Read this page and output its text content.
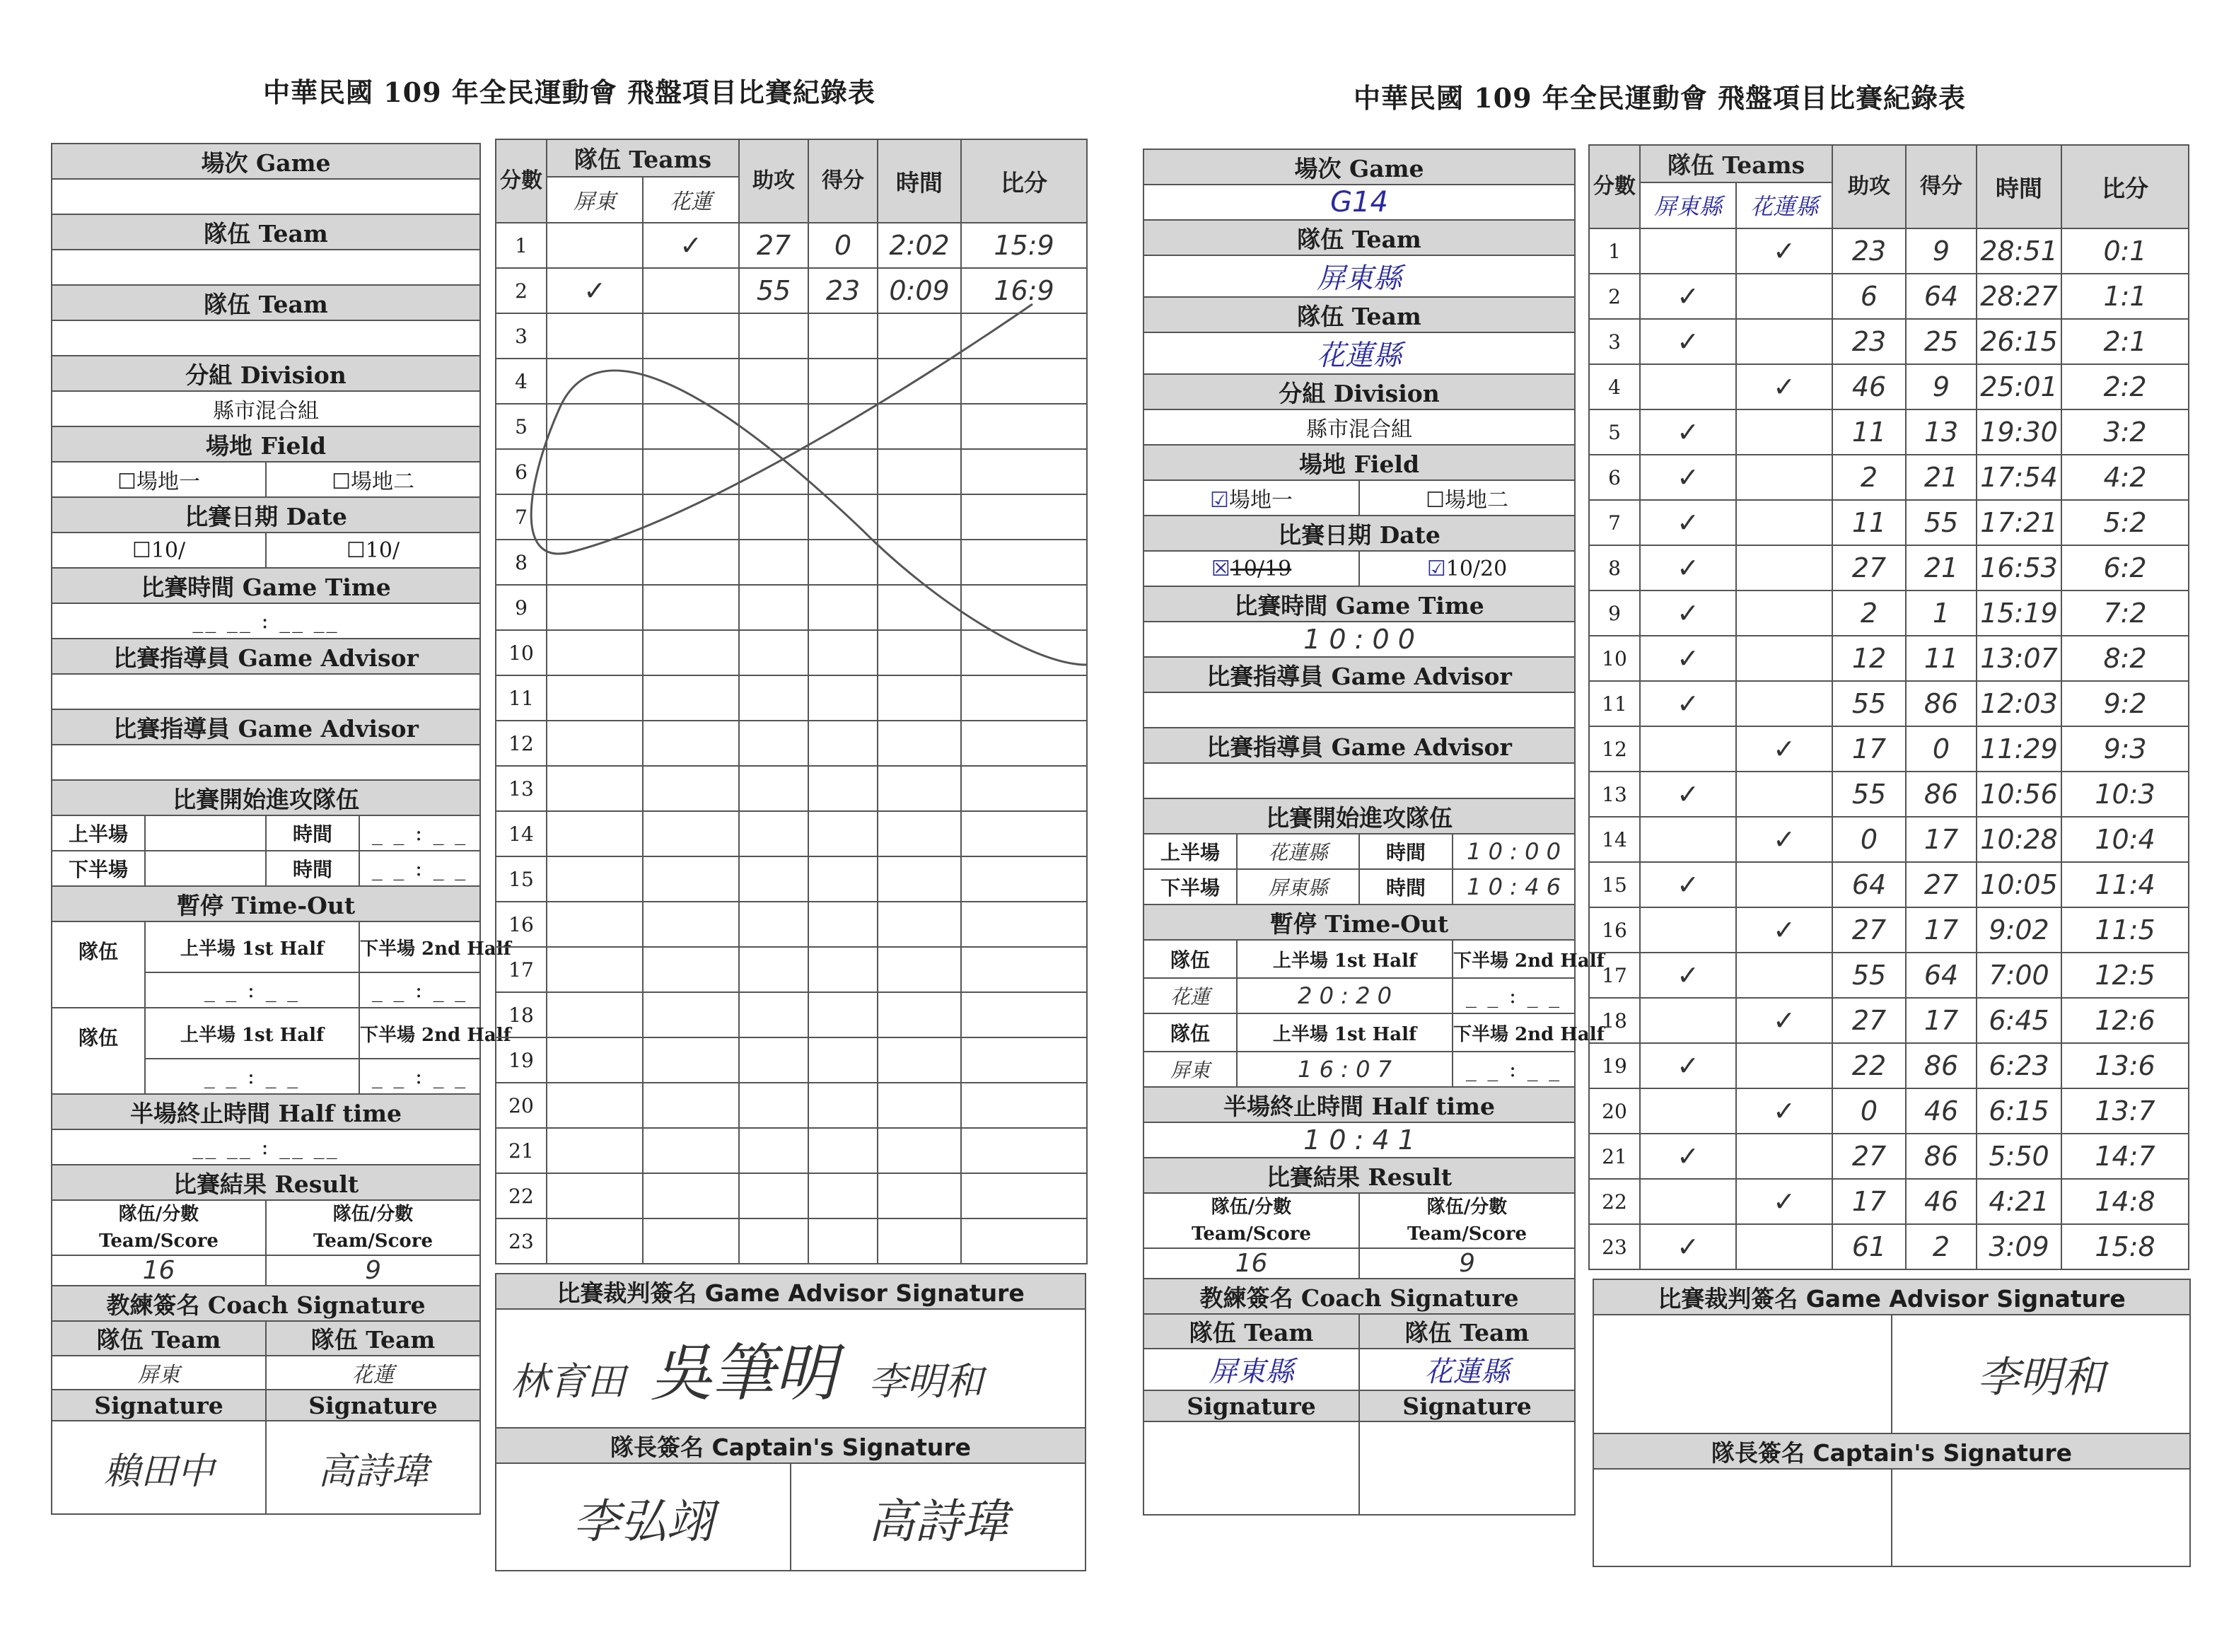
中華民國 109 年全民運動會 飛盤項目比賽紀錄表
場次 Game			

隊伍 Team			

隊伍 Team			

分組 Division			
縣市混合組			
場地 Field			
☐場地一		☐場地二	
比賽日期 Date			
☐10/		☐10/	
比賽時間 Game Time			
__ __ : __ __			
比賽指導員 Game Advisor			

比賽指導員 Game Advisor			

比賽開始進攻隊伍			
上半場		時間	_ _ : _ _
下半場		時間	_ _ : _ _
暫停 Time-Out			
隊伍	上半場 1st Half		下半場 2nd Half
	_ _ : _ _		_ _ : _ _
隊伍	上半場 1st Half		下半場 2nd Half
	_ _ : _ _		_ _ : _ _
半場終止時間 Half time			
__ __ : __ __			
比賽結果 Result			
隊伍/分數
Team/Score		隊伍/分數
Team/Score	
16		9	
教練簽名 Coach Signature			
隊伍 Team		隊伍 Team	
屏東		花蓮	
Signature		Signature	
賴田中		高詩瑋	
分數	隊伍 Teams		助攻	得分	時間	比分
	屏東	花蓮				
1		✓	27	0	2:02	15:9
2	✓		55	23	0:09	16:9
3						
4						
5						
6						
7						
8						
9						
10						
11						
12						
13						
14						
15						
16						
17						
18						
19						
20						
21						
22						
23						
比賽裁判簽名 Game Advisor Signature
林育田 吳筆明 李明和
隊長簽名 Captain's Signature
李弘翊	高詩瑋
中華民國 109 年全民運動會 飛盤項目比賽紀錄表
場次 Game			
G14			
隊伍 Team			
屏東縣			
隊伍 Team			
花蓮縣			
分組 Division			
縣市混合組			
場地 Field			
☑場地一		☐場地二	
比賽日期 Date			
☒10/19		☑10/20	
比賽時間 Game Time			
1 0 : 0 0			
比賽指導員 Game Advisor			

比賽指導員 Game Advisor			

比賽開始進攻隊伍			
上半場	花蓮縣	時間	1 0 : 0 0
下半場	屏東縣	時間	1 0 : 4 6
暫停 Time-Out			
隊伍	上半場 1st Half		下半場 2nd Half
花蓮	2 0 : 2 0		_ _ : _ _
隊伍	上半場 1st Half		下半場 2nd Half
屏東	1 6 : 0 7		_ _ : _ _
半場終止時間 Half time			
1 0 : 4 1			
比賽結果 Result			
隊伍/分數
Team/Score		隊伍/分數
Team/Score	
16		9	
教練簽名 Coach Signature			
隊伍 Team		隊伍 Team	
屏東縣		花蓮縣	
Signature		Signature	

分數	隊伍 Teams		助攻	得分	時間	比分
	屏東縣	花蓮縣				
1		✓	23	9	28:51	0:1
2	✓		6	64	28:27	1:1
3	✓		23	25	26:15	2:1
4		✓	46	9	25:01	2:2
5	✓		11	13	19:30	3:2
6	✓		2	21	17:54	4:2
7	✓		11	55	17:21	5:2
8	✓		27	21	16:53	6:2
9	✓		2	1	15:19	7:2
10	✓		12	11	13:07	8:2
11	✓		55	86	12:03	9:2
12		✓	17	0	11:29	9:3
13	✓		55	86	10:56	10:3
14		✓	0	17	10:28	10:4
15	✓		64	27	10:05	11:4
16		✓	27	17	9:02	11:5
17	✓		55	64	7:00	12:5
18		✓	27	17	6:45	12:6
19	✓		22	86	6:23	13:6
20		✓	0	46	6:15	13:7
21	✓		27	86	5:50	14:7
22		✓	17	46	4:21	14:8
23	✓		61	2	3:09	15:8
比賽裁判簽名 Game Advisor Signature	
	李明和
隊長簽名 Captain's Signature	
